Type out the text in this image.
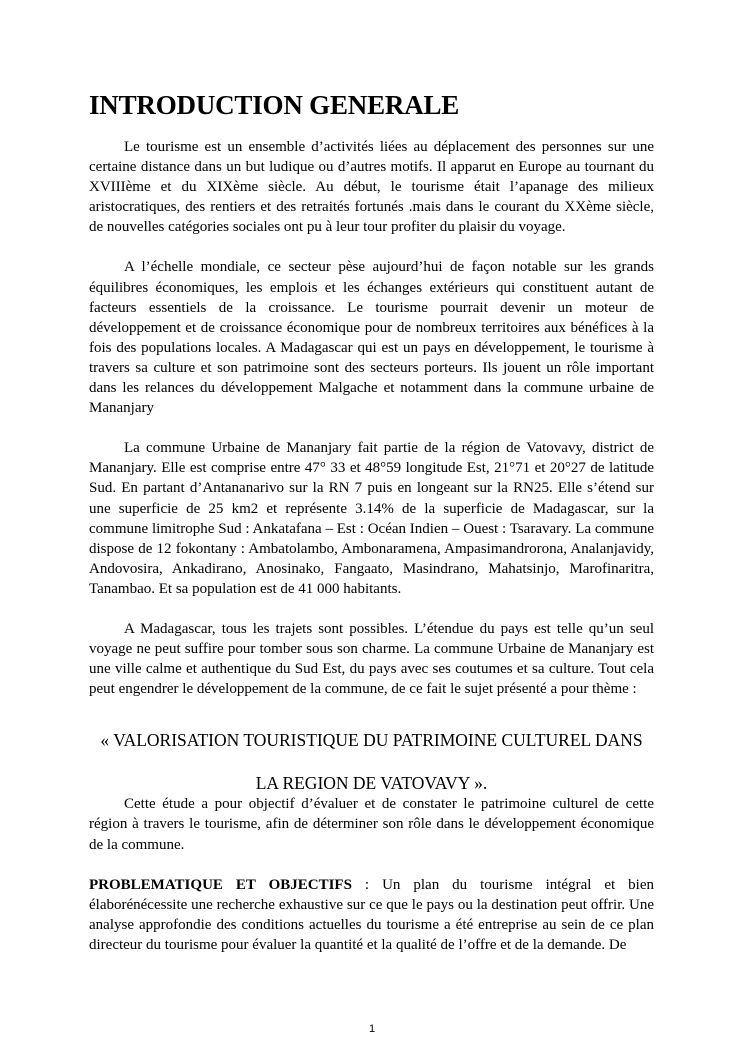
INTRODUCTION GENERALE

Le tourisme est un ensemble d’activités liées au déplacement des personnes sur une certaine distance dans un but ludique ou d’autres motifs. Il apparut en Europe au tournant du XVIIIème et du XIXème siècle. Au début, le tourisme était l’apanage des milieux aristocratiques, des rentiers et des retraités fortunés .mais dans le courant du XXème siècle, de nouvelles catégories sociales ont pu à leur tour profiter du plaisir du voyage.

A l’échelle mondiale, ce secteur pèse aujourd’hui de façon notable sur les grands équilibres économiques, les emplois et les échanges extérieurs qui constituent autant de facteurs essentiels de la croissance. Le tourisme pourrait devenir un moteur de développement et de croissance économique pour de nombreux territoires aux bénéfices à la fois des populations locales. A Madagascar qui est un pays en développement, le tourisme à travers sa culture et son patrimoine sont des secteurs porteurs. Ils jouent un rôle important dans les relances du développement Malgache et notamment dans la commune urbaine de Mananjary

La commune Urbaine de Mananjary fait partie de la région de Vatovavy, district de Mananjary. Elle est comprise entre 47° 33 et 48°59 longitude Est, 21°71 et 20°27 de latitude Sud. En partant d’Antananarivo sur la RN 7 puis en longeant sur la RN25. Elle s’étend sur une superficie de 25 km2 et représente 3.14% de la superficie de Madagascar, sur la commune limitrophe Sud : Ankatafana – Est : Océan Indien – Ouest : Tsaravary. La commune dispose de 12 fokontany : Ambatolambo, Ambonaramena, Ampasimandrorona, Analanjavidy, Andovosira, Ankadirano, Anosinako, Fangaato, Masindrano, Mahatsinjo, Marofinaritra, Tanambao. Et sa population est de 41 000 habitants.

A Madagascar, tous les trajets sont possibles. L’étendue du pays est telle qu’un seul voyage ne peut suffire pour tomber sous son charme. La commune Urbaine de Mananjary est une ville calme et authentique du Sud Est, du pays avec ses coutumes et sa culture. Tout cela peut engendrer le développement de la commune, de ce fait le sujet présenté a pour thème :

« VALORISATION TOURISTIQUE DU PATRIMOINE CULTUREL DANS
LA REGION DE VATOVAVY ».

Cette étude a pour objectif d’évaluer et de constater le patrimoine culturel de cette région à travers le tourisme, afin de déterminer son rôle dans le développement économique de la commune.

PROBLEMATIQUE ET OBJECTIFS : Un plan du tourisme intégral et bien élaborénécessite une recherche exhaustive sur ce que le pays ou la destination peut offrir. Une analyse approfondie des conditions actuelles du tourisme a été entreprise au sein de ce plan directeur du tourisme pour évaluer la quantité et la qualité de l’offre et de la demande. De

1
